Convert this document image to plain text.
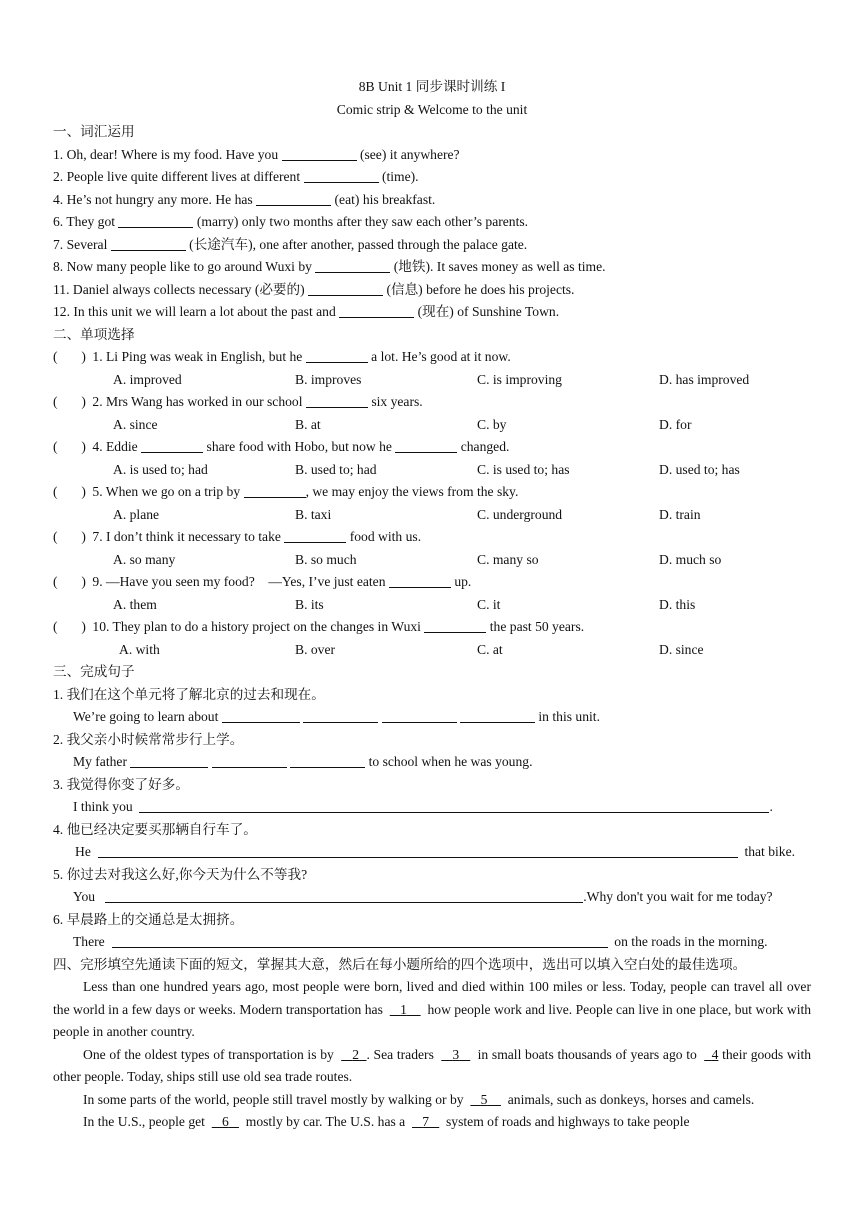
8B Unit 1 同步课时训练 I
Comic strip & Welcome to the unit
一、词汇运用
1. Oh, dear! Where is my food. Have you	(see) it anywhere?
2. People live quite different lives at different	(time).
4. He’s not hungry any more. He has	(eat) his breakfast.
6. They got	(marry) only two months after they saw each other’s parents.
7. Several	(长途汽车), one after another, passed through the palace gate.
8. Now many people like to go around Wuxi by	(地铁). It saves money as well as time.
11. Daniel always collects necessary (必要的)	(信息) before he does his projects.
12. In this unit we will learn a lot about the past and	(现在) of Sunshine Town.
二、单项选择
(       ) 1. Li Ping was weak in English, but he	a lot. He’s good at it now.
A. improved	B. improves	C. is improving	D. has improved
(       ) 2. Mrs Wang has worked in our school	six years.
A. since	B. at	C. by	D. for
(       ) 4. Eddie	share food with Hobo, but now he	changed.
A. is used to; had	B. used to; had	C. is used to; has	D. used to; has
(       ) 5. When we go on a trip by	, we may enjoy the views from the sky.
A. plane	B. taxi	C. underground	D. train
(       ) 7. I don’t think it necessary to take	food with us.
A. so many	B. so much	C. many so	D. much so
(       ) 9. —Have you seen my food?    —Yes, I’ve just eaten	up.
A. them	B. its	C. it	D. this
(       ) 10. They plan to do a history project on the changes in Wuxi	the past 50 years.
A. with	B. over	C. at	D. since
三、完成句子
1. 我们在这个单元将了解北京的过去和现在。
We’re going to learn about	in this unit.
2. 我父亲小时候常常步行上学。
My father	to school when he was young.
3. 我觉得你变了好多。
I think you	.
4. 他已经决定要买那辆自行车了。
He	that bike.
5. 你过去对我这么好,你今天为什么不等我?
You	.Why don't you wait for me today?
6. 早晨路上的交通总是太拥挤。
There	on the roads in the morning.
四、完形填空先通读下面的短文，掌握其大意，然后在每小题所给的四个选项中，选出可以填入空白处的最佳选项。

Less than one hundred years ago, most people were born, lived and died within 100 miles or less. Today, people can travel all over the world in a few days or weeks. Modern transportation has 1 how people work and live. People can live in one place, but work with people in another country.

One of the oldest types of transportation is by 2 . Sea traders 3 in small boats thousands of years ago to 4 their goods with other people. Today, ships still use old sea trade routes.

In some parts of the world, people still travel mostly by walking or by 5 animals, such as donkeys, horses and camels.

In the U.S., people get 6 mostly by car. The U.S. has a 7 system of roads and highways to take people
